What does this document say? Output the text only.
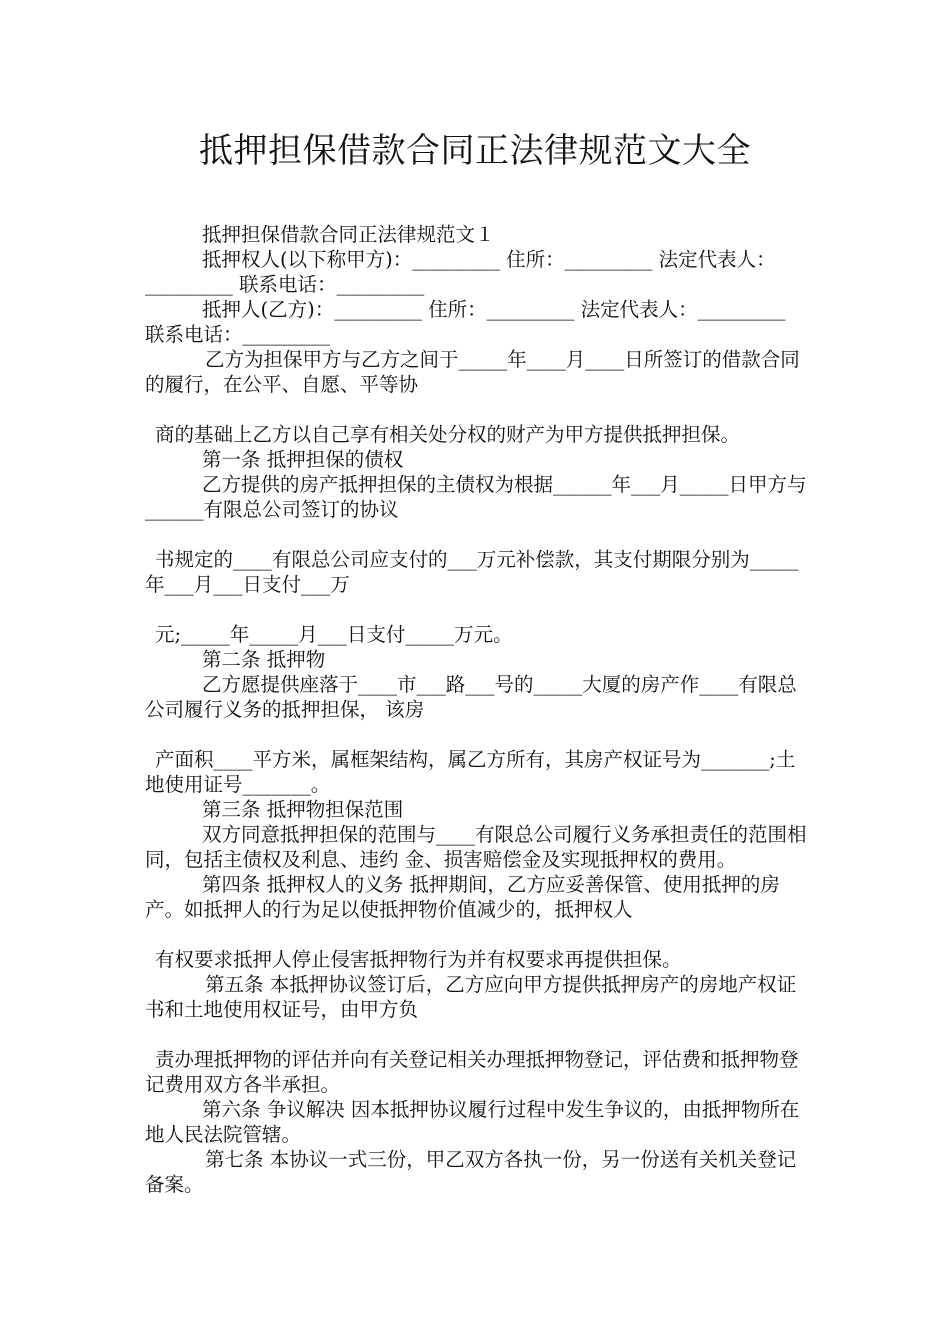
抵押担保借款合同正法律规范文大全

抵押担保借款合同正法律规范文１

抵押权人(以下称甲方)：_________ 住所：_________ 法定代表人：_________ 联系电话：_________

抵押人(乙方)：_________ 住所：_________ 法定代表人：_________ 联系电话：_________

乙方为担保甲方与乙方之间于_____年____月____日所签订的借款合同的履行，在公平、自愿、平等协

商的基础上乙方以自己享有相关处分权的财产为甲方提供抵押担保。

第一条 抵押担保的债权

乙方提供的房产抵押担保的主债权为根据______年___月_____日甲方与______有限总公司签订的协议

书规定的____有限总公司应支付的___万元补偿款，其支付期限分别为_____年___月___日支付___万

元;_____年_____月___日支付_____万元。

第二条 抵押物

乙方愿提供座落于____市___路___号的_____大厦的房产作____有限总公司履行义务的抵押担保， 该房

产面积____平方米，属框架结构，属乙方所有，其房产权证号为_______;土地使用证号_______。

第三条 抵押物担保范围

双方同意抵押担保的范围与____有限总公司履行义务承担责任的范围相同，包括主债权及利息、违约 金、损害赔偿金及实现抵押权的费用。

第四条 抵押权人的义务 抵押期间，乙方应妥善保管、使用抵押的房产。如抵押人的行为足以使抵押物价值减少的，抵押权人

有权要求抵押人停止侵害抵押物行为并有权要求再提供担保。

第五条 本抵押协议签订后，乙方应向甲方提供抵押房产的房地产权证书和土地使用权证号，由甲方负

责办理抵押物的评估并向有关登记相关办理抵押物登记，评估费和抵押物登记费用双方各半承担。

第六条 争议解决 因本抵押协议履行过程中发生争议的，由抵押物所在地人民法院管辖。

第七条 本协议一式三份，甲乙双方各执一份，另一份送有关机关登记备案。
